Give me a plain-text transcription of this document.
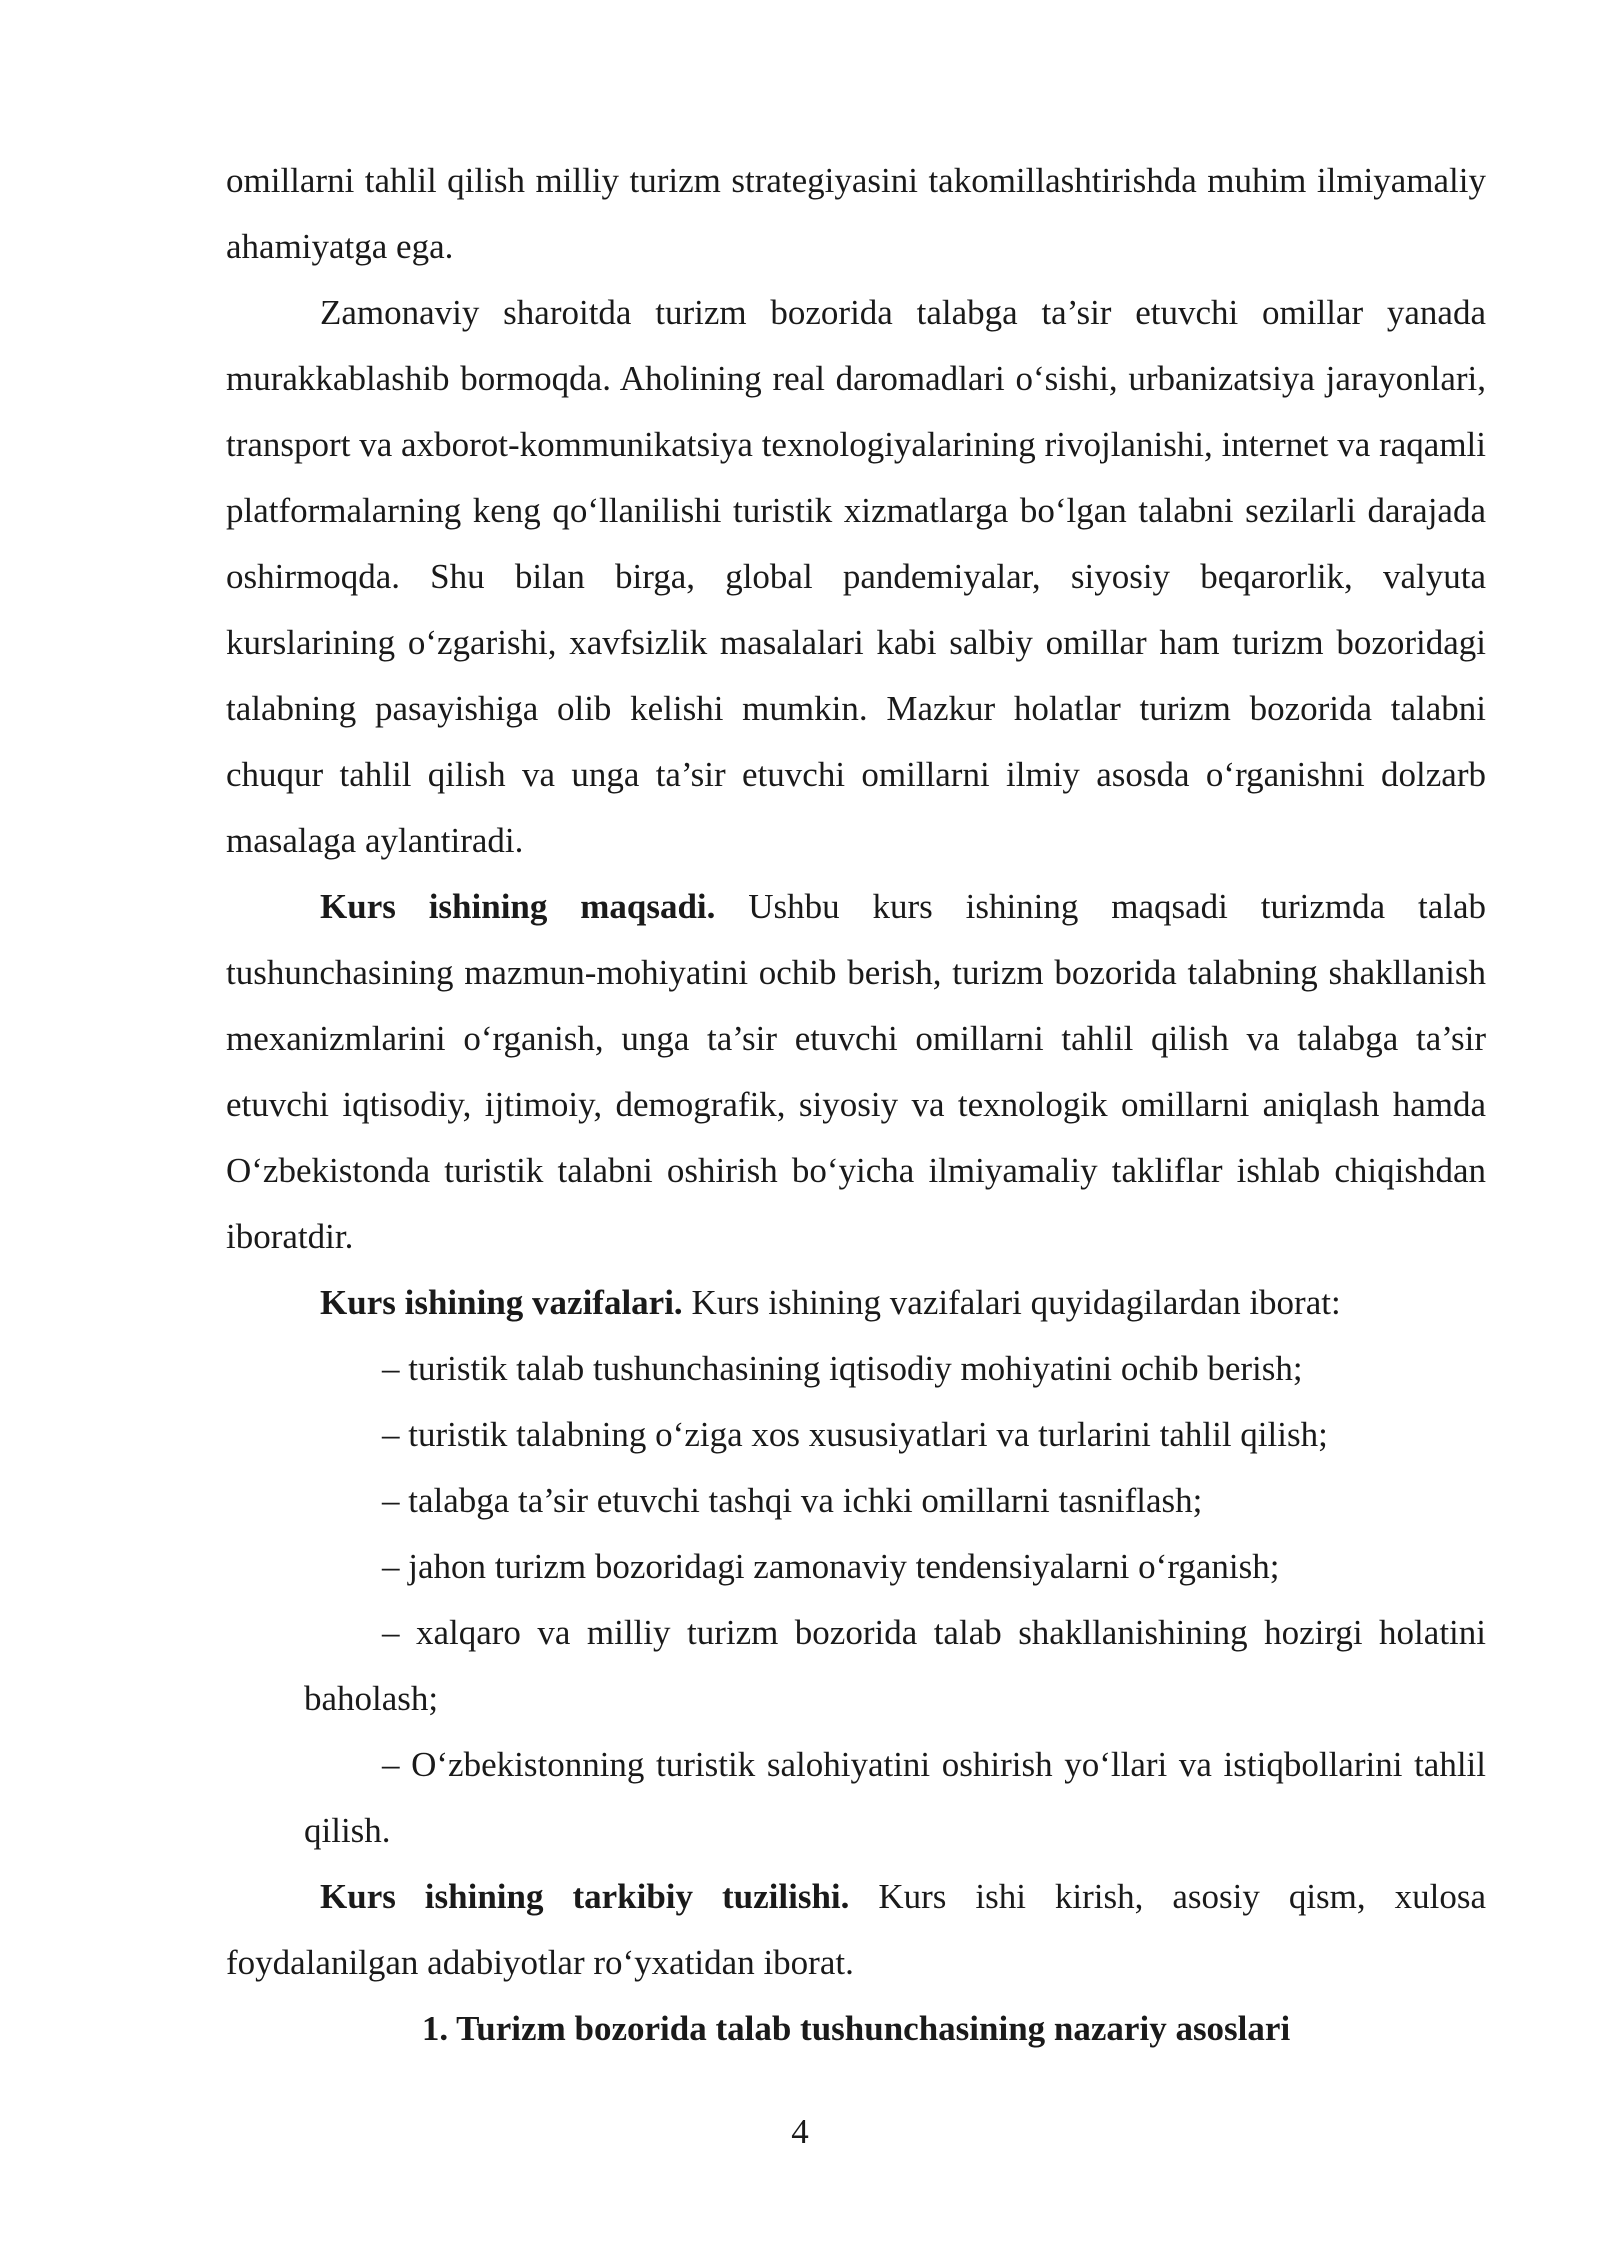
omillarni tahlil qilish milliy turizm strategiyasini takomillashtirishda muhim ilmiyamaliy ahamiyatga ega.

Zamonaviy sharoitda turizm bozorida talabga ta’sir etuvchi omillar yanada murakkablashib bormoqda. Aholining real daromadlari o‘sishi, urbanizatsiya jarayonlari, transport va axborot-kommunikatsiya texnologiyalarining rivojlanishi, internet va raqamli platformalarning keng qo‘llanilishi turistik xizmatlarga bo‘lgan talabni sezilarli darajada oshirmoqda. Shu bilan birga, global pandemiyalar, siyosiy beqarorlik, valyuta kurslarining o‘zgarishi, xavfsizlik masalalari kabi salbiy omillar ham turizm bozoridagi talabning pasayishiga olib kelishi mumkin. Mazkur holatlar turizm bozorida talabni chuqur tahlil qilish va unga ta’sir etuvchi omillarni ilmiy asosda o‘rganishni dolzarb masalaga aylantiradi.

Kurs ishining maqsadi. Ushbu kurs ishining maqsadi turizmda talab tushunchasining mazmun-mohiyatini ochib berish, turizm bozorida talabning shakllanish mexanizmlarini o‘rganish, unga ta’sir etuvchi omillarni tahlil qilish va talabga ta’sir etuvchi iqtisodiy, ijtimoiy, demografik, siyosiy va texnologik omillarni aniqlash hamda O‘zbekistonda turistik talabni oshirish bo‘yicha ilmiyamaliy takliflar ishlab chiqishdan iboratdir.

Kurs ishining vazifalari. Kurs ishining vazifalari quyidagilardan iborat:

– turistik talab tushunchasining iqtisodiy mohiyatini ochib berish;

– turistik talabning o‘ziga xos xususiyatlari va turlarini tahlil qilish;

– talabga ta’sir etuvchi tashqi va ichki omillarni tasniflash;

– jahon turizm bozoridagi zamonaviy tendensiyalarni o‘rganish;

– xalqaro va milliy turizm bozorida talab shakllanishining hozirgi holatini baholash;

– O‘zbekistonning turistik salohiyatini oshirish yo‘llari va istiqbollarini tahlil qilish.

Kurs ishining tarkibiy tuzilishi. Kurs ishi kirish, asosiy qism, xulosa foydalanilgan adabiyotlar ro‘yxatidan iborat.

1. Turizm bozorida talab tushunchasining nazariy asoslari

4
